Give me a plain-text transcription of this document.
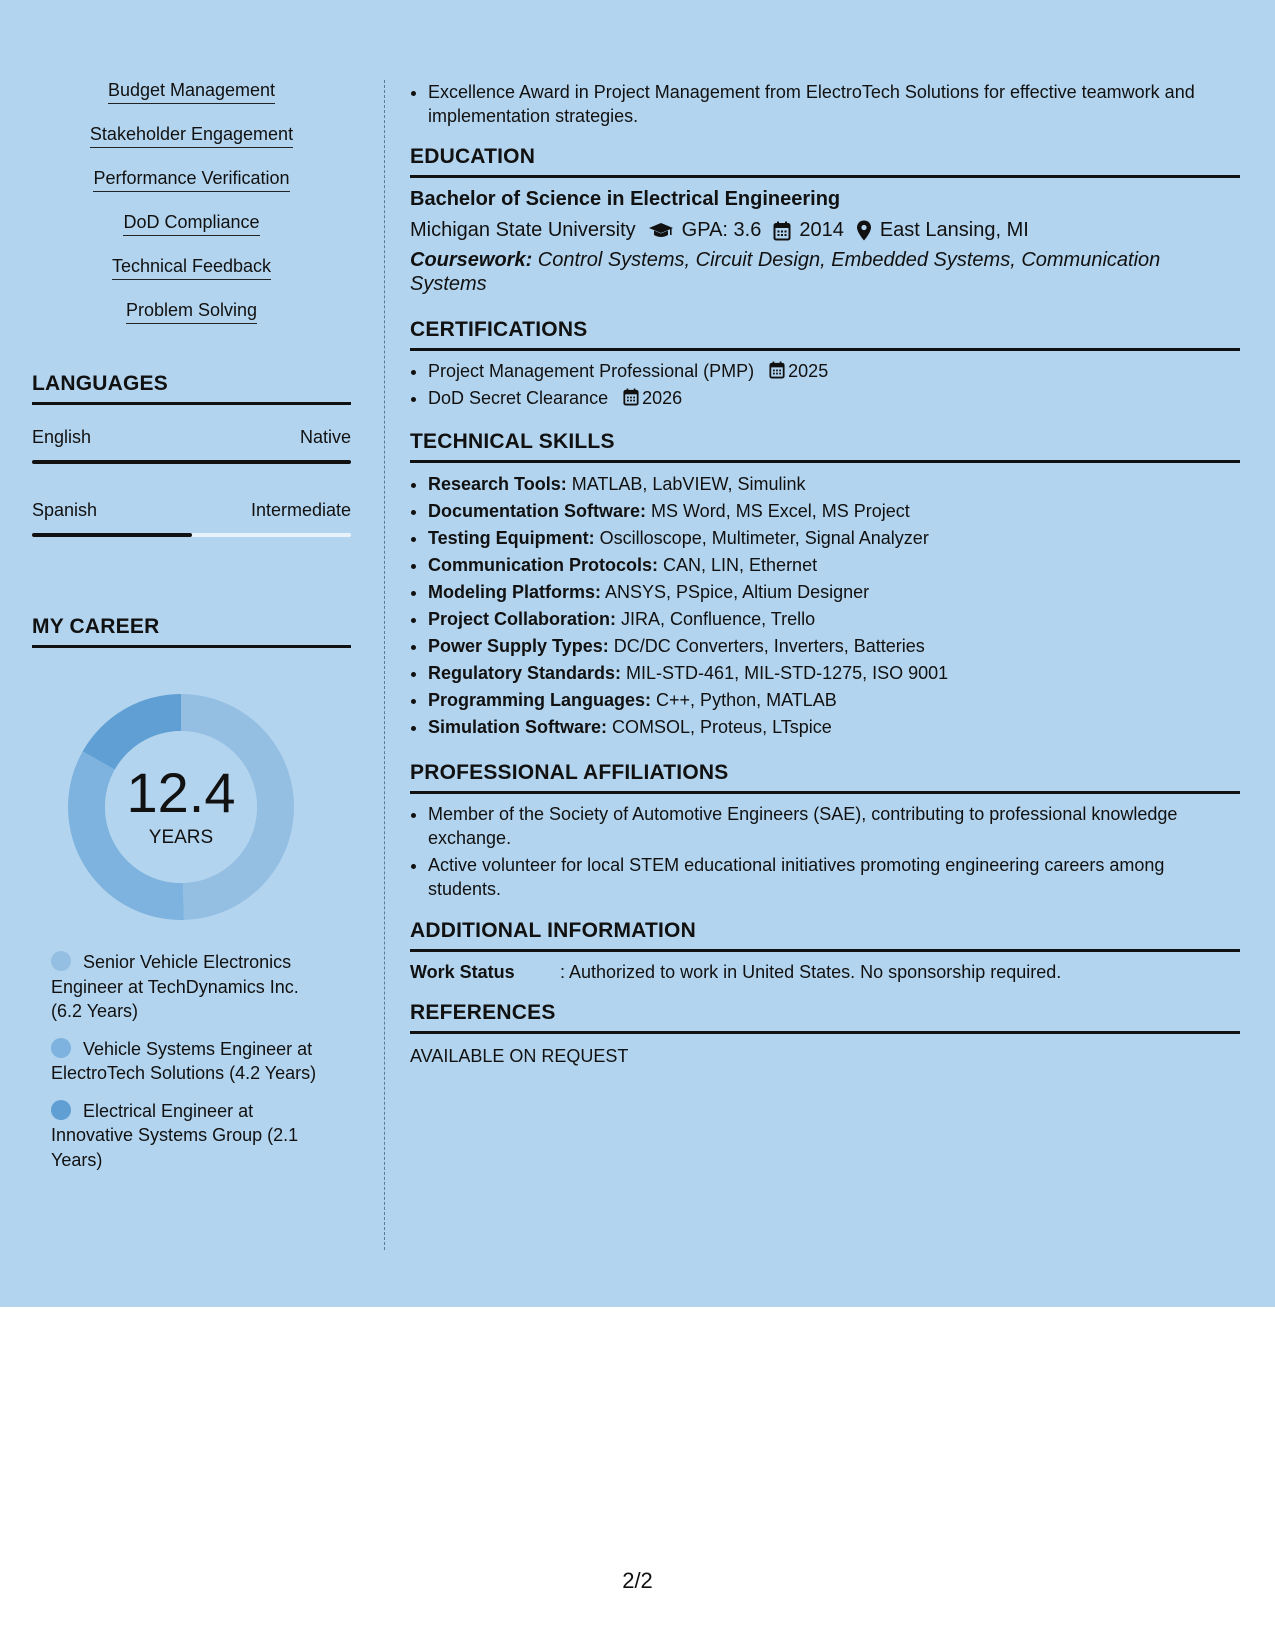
Budget Management
Stakeholder Engagement
Performance Verification
DoD Compliance
Technical Feedback
Problem Solving
LANGUAGES
English	Native
Spanish	Intermediate
MY CAREER
12.4
YEARS
Senior Vehicle Electronics Engineer at TechDynamics Inc. (6.2 Years)
Vehicle Systems Engineer at ElectroTech Solutions (4.2 Years)
Electrical Engineer at Innovative Systems Group (2.1 Years)
• Excellence Award in Project Management from ElectroTech Solutions for effective teamwork and implementation strategies.
EDUCATION
Bachelor of Science in Electrical Engineering
Michigan State University GPA: 3.6 2014 East Lansing, MI
Coursework: Control Systems, Circuit Design, Embedded Systems, Communication Systems
CERTIFICATIONS
• Project Management Professional (PMP) 2025
• DoD Secret Clearance 2026
TECHNICAL SKILLS
• Research Tools: MATLAB, LabVIEW, Simulink
• Documentation Software: MS Word, MS Excel, MS Project
• Testing Equipment: Oscilloscope, Multimeter, Signal Analyzer
• Communication Protocols: CAN, LIN, Ethernet
• Modeling Platforms: ANSYS, PSpice, Altium Designer
• Project Collaboration: JIRA, Confluence, Trello
• Power Supply Types: DC/DC Converters, Inverters, Batteries
• Regulatory Standards: MIL-STD-461, MIL-STD-1275, ISO 9001
• Programming Languages: C++, Python, MATLAB
• Simulation Software: COMSOL, Proteus, LTspice
PROFESSIONAL AFFILIATIONS
• Member of the Society of Automotive Engineers (SAE), contributing to professional knowledge exchange.
• Active volunteer for local STEM educational initiatives promoting engineering careers among students.
ADDITIONAL INFORMATION
Work Status	: Authorized to work in United States. No sponsorship required.
REFERENCES
AVAILABLE ON REQUEST
2/2
